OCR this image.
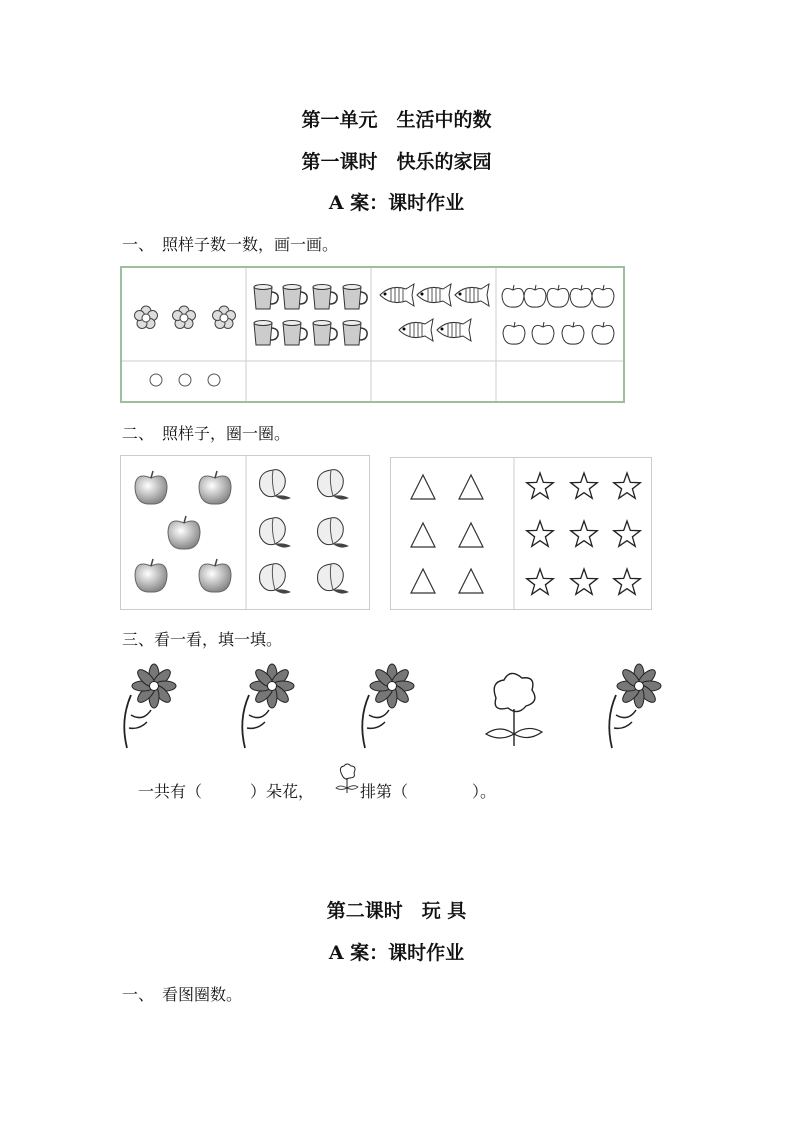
第一单元　生活中的数
第一课时　快乐的家园
A 案：课时作业
一、　照样子数一数，画一画。
二、　照样子，圈一圈。
三、看一看，填一填。
一共有（　　　）朵花，	排第（　　　　）。
第二课时　玩 具
A 案：课时作业
一、　看图圈数。
